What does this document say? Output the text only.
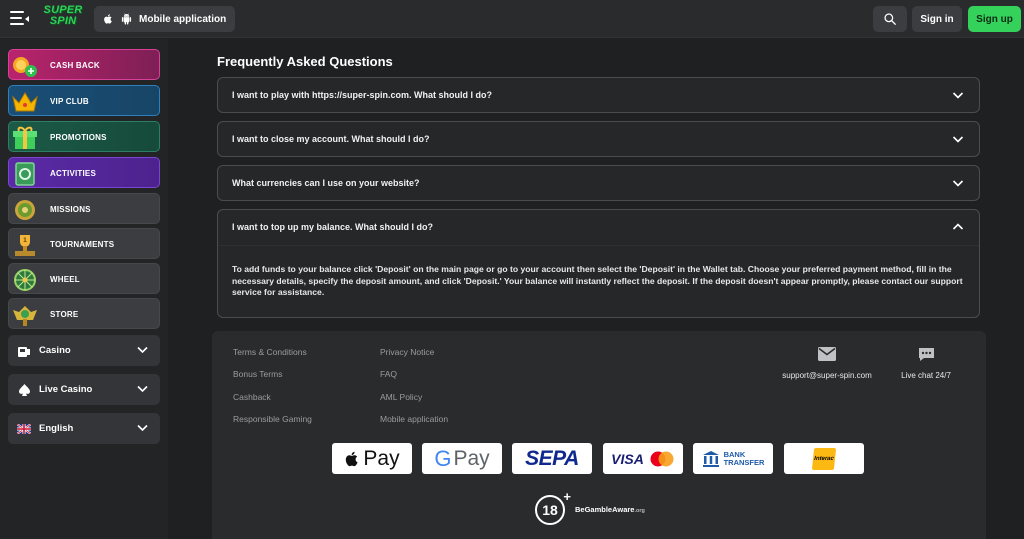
SUPER
SPIN	Mobile application	Sign in	Sign up
CASH BACK
VIP CLUB
PROMOTIONS
ACTIVITIES
MISSIONS
1	TOURNAMENTS
WHEEL
STORE
Casino
Live Casino
English
Frequently Asked Questions
I want to play with https://super-spin.com. What should I do?
I want to close my account. What should I do?
What currencies can I use on your website?
I want to top up my balance. What should I do?
To add funds to your balance click 'Deposit' on the main page or go to your account then select the 'Deposit' in the Wallet tab. Choose your preferred payment method, fill in the necessary details, specify the deposit amount, and click 'Deposit.' Your balance will instantly reflect the deposit. If the deposit doesn't appear promptly, please contact our support service for assistance.
Terms & Conditions
Bonus Terms
Cashback
Responsible Gaming
Privacy Notice
FAQ
AML Policy
Mobile application
support@super-spin.com	Live chat 24/7
Pay G Pay SEPA VISA	BANK
TRANSFER	Interac
18
+
BeGambleAware.org
